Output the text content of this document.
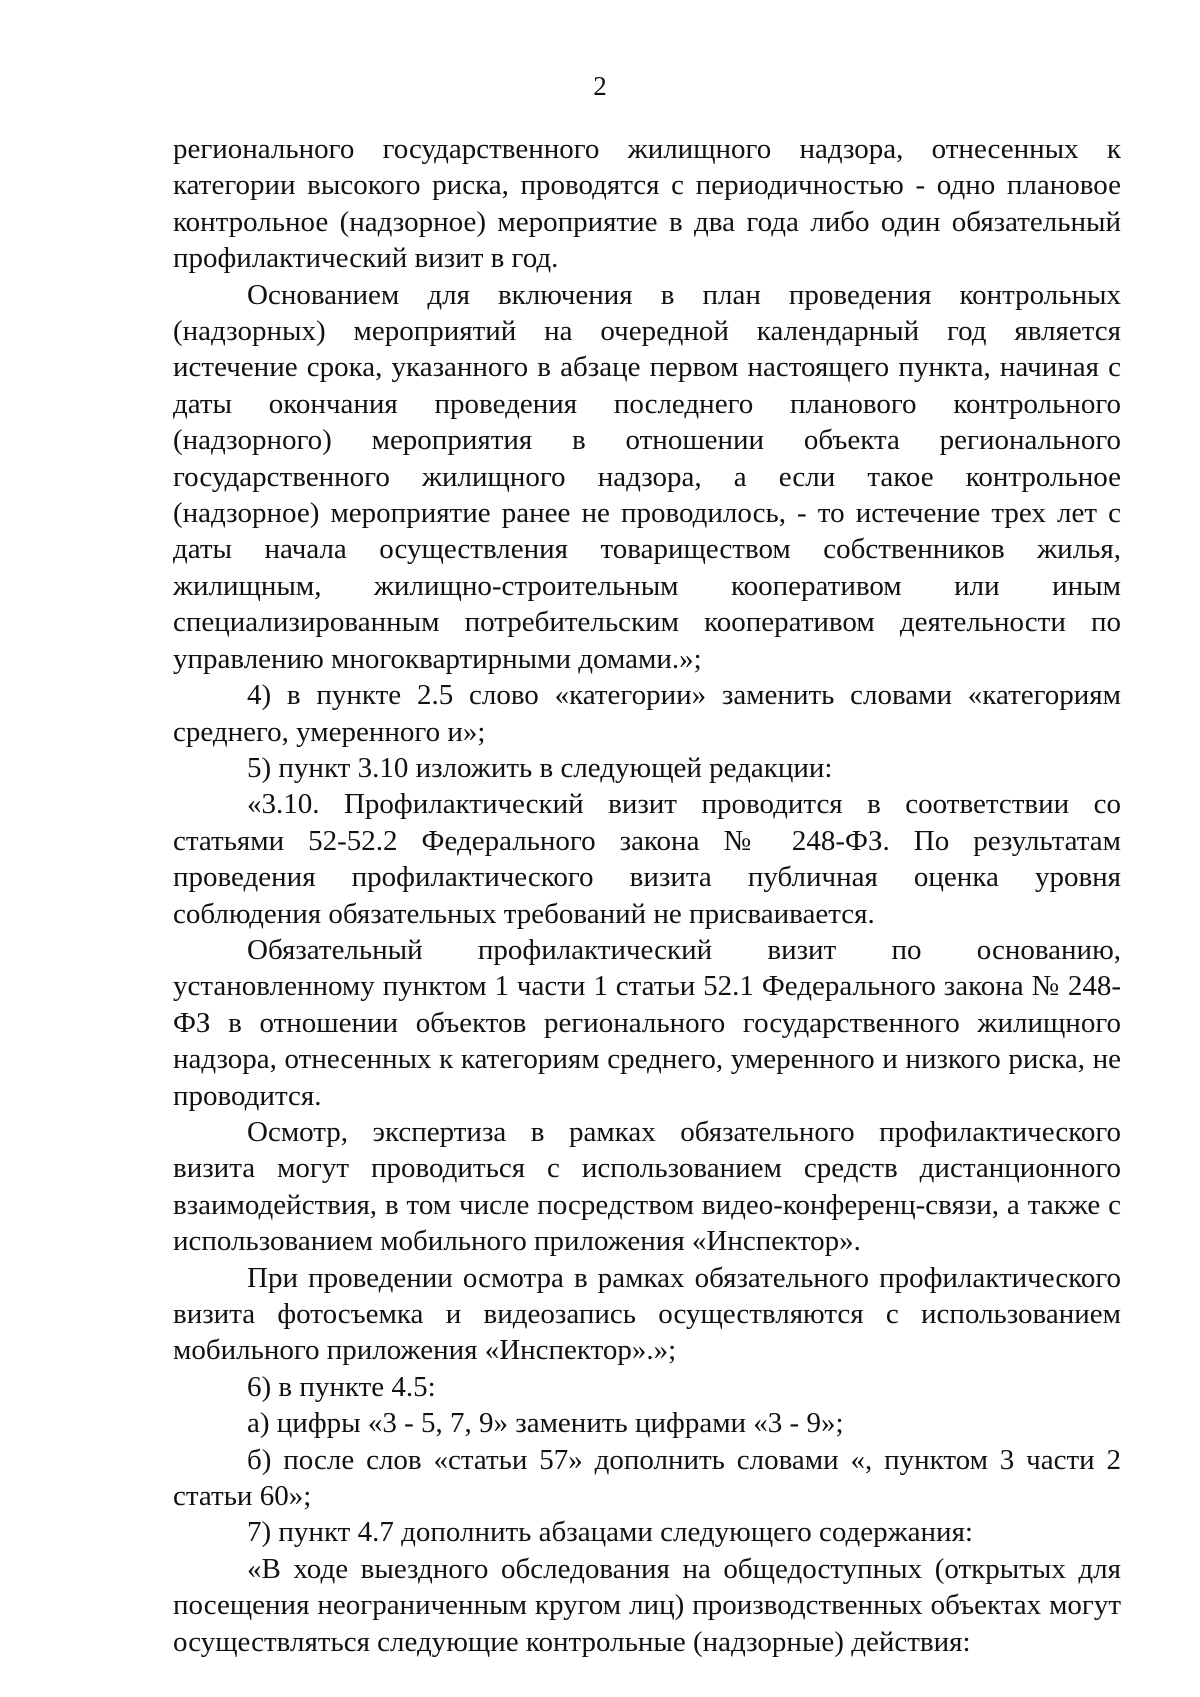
2

регионального государственного жилищного надзора, отнесенных к категории высокого риска, проводятся с периодичностью - одно плановое контрольное (надзорное) мероприятие в два года либо один обязательный профилактический визит в год.

Основанием для включения в план проведения контрольных (надзорных) мероприятий на очередной календарный год является истечение срока, указанного в абзаце первом настоящего пункта, начиная с даты окончания проведения последнего планового контрольного (надзорного) мероприятия в отношении объекта регионального государственного жилищного надзора, а если такое контрольное (надзорное) мероприятие ранее не проводилось, - то истечение трех лет с даты начала осуществления товариществом собственников жилья, жилищным, жилищно-строительным кооперативом или иным специализированным потребительским кооперативом деятельности по управлению многоквартирными домами.»;

4) в пункте 2.5 слово «категории» заменить словами «категориям среднего, умеренного и»;

5) пункт 3.10 изложить в следующей редакции:

«3.10. Профилактический визит проводится в соответствии со статьями 52-52.2 Федерального закона № 248-ФЗ. По результатам проведения профилактического визита публичная оценка уровня соблюдения обязательных требований не присваивается.

Обязательный профилактический визит по основанию, установленному пунктом 1 части 1 статьи 52.1 Федерального закона № 248-ФЗ в отношении объектов регионального государственного жилищного надзора, отнесенных к категориям среднего, умеренного и низкого риска, не проводится.

Осмотр, экспертиза в рамках обязательного профилактического визита могут проводиться с использованием средств дистанционного взаимодействия, в том числе посредством видео-конференц-связи, а также с использованием мобильного приложения «Инспектор».

При проведении осмотра в рамках обязательного профилактического визита фотосъемка и видеозапись осуществляются с использованием мобильного приложения «Инспектор».»;

6) в пункте 4.5:

а) цифры «3 - 5, 7, 9» заменить цифрами «3 - 9»;

б) после слов «статьи 57» дополнить словами «, пунктом 3 части 2 статьи 60»;

7) пункт 4.7 дополнить абзацами следующего содержания:

«В ходе выездного обследования на общедоступных (открытых для посещения неограниченным кругом лиц) производственных объектах могут осуществляться следующие контрольные (надзорные) действия:
